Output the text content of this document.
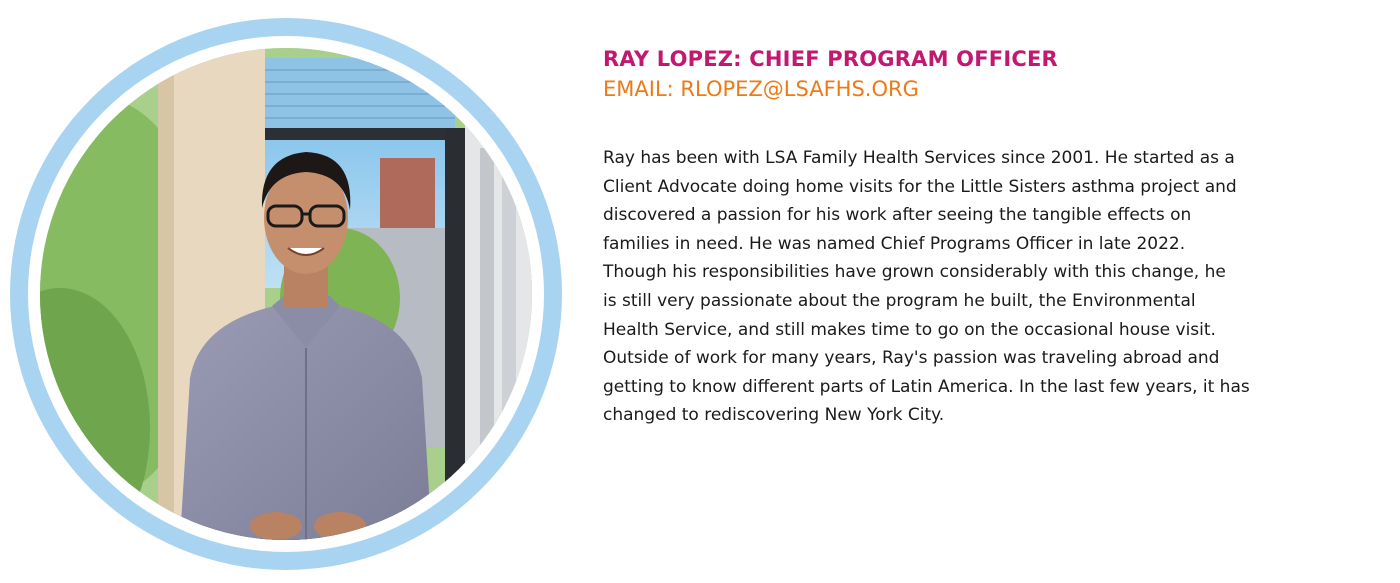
RAY LOPEZ: CHIEF PROGRAM OFFICER

EMAIL: RLOPEZ@LSAFHS.ORG

Ray has been with LSA Family Health Services since 2001. He started as a
Client Advocate doing home visits for the Little Sisters asthma project and
discovered a passion for his work after seeing the tangible effects on
families in need. He was named Chief Programs Officer in late 2022.
Though his responsibilities have grown considerably with this change, he
is still very passionate about the program he built, the Environmental
Health Service, and still makes time to go on the occasional house visit.
Outside of work for many years, Ray's passion was traveling abroad and
getting to know different parts of Latin America. In the last few years, it has
changed to rediscovering New York City.
